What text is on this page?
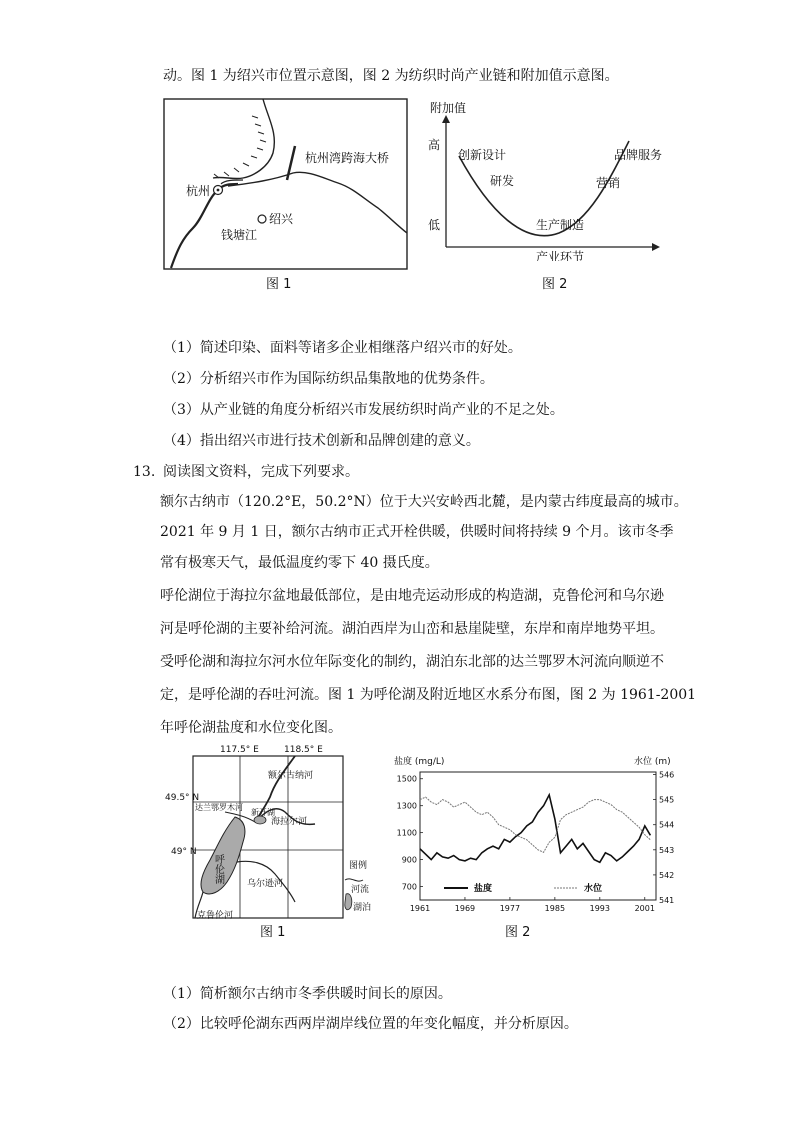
动。图 1 为绍兴市位置示意图，图 2 为纺织时尚产业链和附加值示意图。
杭州湾跨海大桥
杭州
绍兴
钱塘江
图 1
附加值
高
低
创新设计
研发
生产制造
营销
品牌服务
产业环节
图 2
（1）简述印染、面料等诸多企业相继落户绍兴市的好处。
（2）分析绍兴市作为国际纺织品集散地的优势条件。
（3）从产业链的角度分析绍兴市发展纺织时尚产业的不足之处。
（4）指出绍兴市进行技术创新和品牌创建的意义。
13. 阅读图文资料，完成下列要求。
额尔古纳市（120.2°E，50.2°N）位于大兴安岭西北麓，是内蒙古纬度最高的城市。
2021 年 9 月 1 日，额尔古纳市正式开栓供暖，供暖时间将持续 9 个月。该市冬季
常有极寒天气，最低温度约零下 40 摄氏度。
呼伦湖位于海拉尔盆地最低部位，是由地壳运动形成的构造湖，克鲁伦河和乌尔逊
河是呼伦湖的主要补给河流。湖泊西岸为山峦和悬崖陡壁，东岸和南岸地势平坦。
受呼伦湖和海拉尔河水位年际变化的制约，湖泊东北部的达兰鄂罗木河流向顺逆不
定，是呼伦湖的吞吐河流。图 1 为呼伦湖及附近地区水系分布图，图 2 为 1961-2001
年呼伦湖盐度和水位变化图。
117.5° E	118.5° E
49.5° N
49° N
额尔古纳河
达兰鄂罗木河
新开湖
海拉尔河
呼伦湖	乌尔逊河
克鲁伦河
图例
河流
湖泊
图 1
盐度 (mg/L)	水位 (m)
1961	1969	1977	1985	1993	2001
1500
1300
1100
900
700
546
545
544
543
542
541
盐度	水位
图 2
（1）简析额尔古纳市冬季供暖时间长的原因。
（2）比较呼伦湖东西两岸湖岸线位置的年变化幅度，并分析原因。
